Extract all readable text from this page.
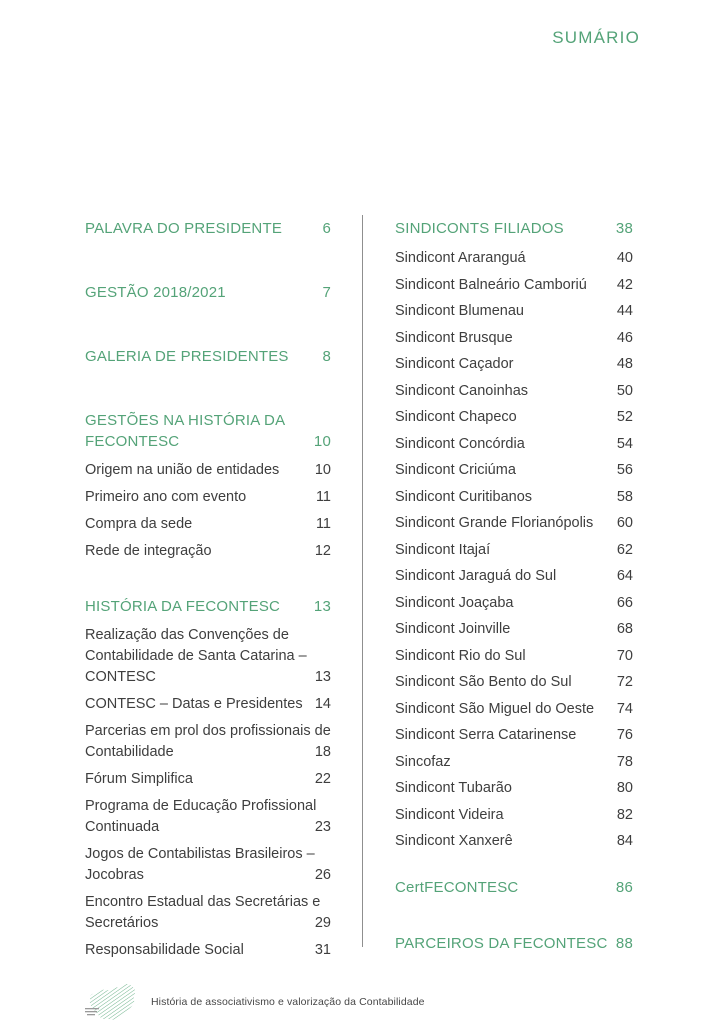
SUMÁRIO
PALAVRA DO PRESIDENTE	6
GESTÃO 2018/2021	7
GALERIA DE PRESIDENTES 8
GESTÕES NA HISTÓRIA DA FECONTESC	10
Origem na união de entidades 10
Primeiro ano com evento	11
Compra da sede	11
Rede de integração	12
HISTÓRIA DA FECONTESC 13
Realização das Convenções de Contabilidade de Santa Catarina – CONTESC	13
CONTESC – Datas e Presidentes 14
Parcerias em prol dos profissionais de Contabilidade	18
Fórum Simplifica	22
Programa de Educação Profissional Continuada	23
Jogos de Contabilistas Brasileiros – Jocobras	26
Encontro Estadual das Secretárias e Secretários	29
Responsabilidade Social	31
SINDICONTS FILIADOS	38
Sindicont Araranguá	40
Sindicont Balneário Camboriú 42
Sindicont Blumenau	44
Sindicont Brusque	46
Sindicont Caçador	48
Sindicont Canoinhas	50
Sindicont Chapeco	52
Sindicont Concórdia	54
Sindicont Criciúma	56
Sindicont Curitibanos	58
Sindicont Grande Florianópolis 60
Sindicont Itajaí	62
Sindicont Jaraguá do Sul	64
Sindicont Joaçaba	66
Sindicont Joinville	68
Sindicont Rio do Sul	70
Sindicont São Bento do Sul	72
Sindicont São Miguel do Oeste 74
Sindicont Serra Catarinense	76
Sincofaz	78
Sindicont Tubarão	80
Sindicont Videira	82
Sindicont Xanxerê	84
CertFECONTESC	86
PARCEIROS DA FECONTESC 88
História de associativismo e valorização da Contabilidade
